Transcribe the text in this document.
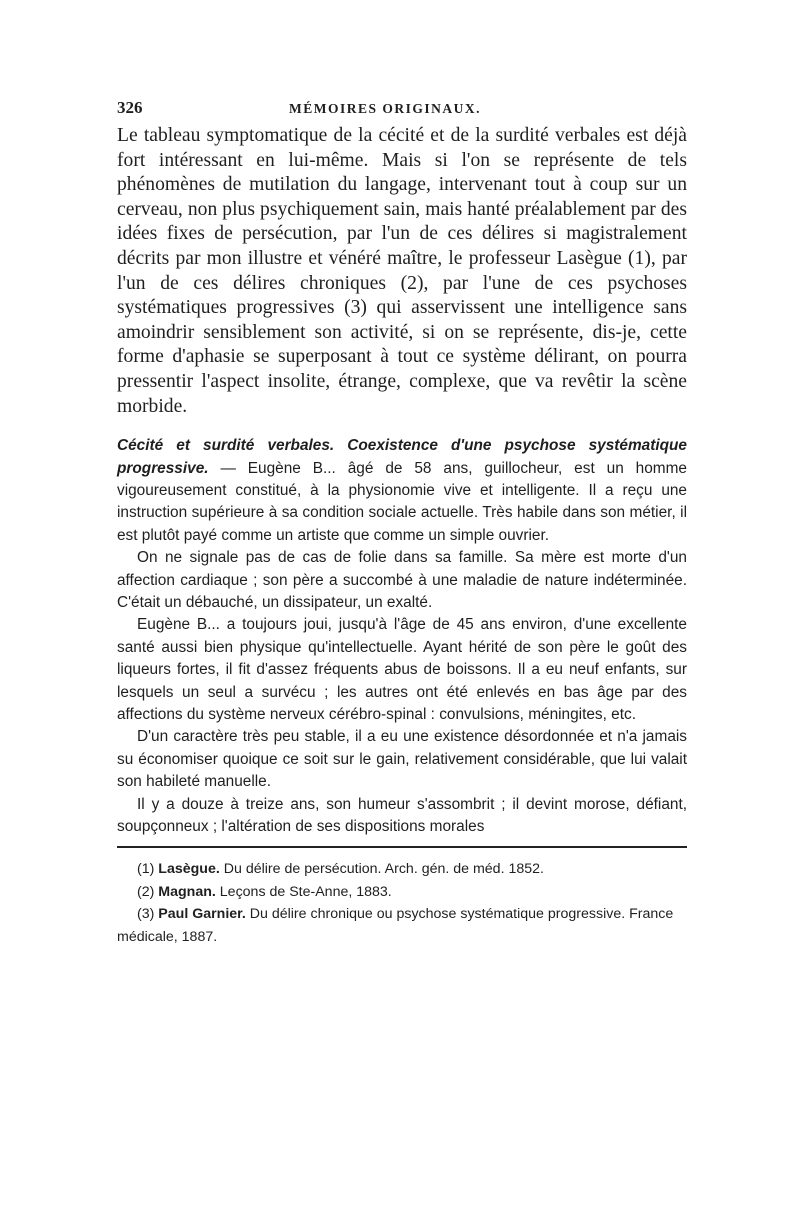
326	MÉMOIRES ORIGINAUX.

Le tableau symptomatique de la cécité et de la surdité verbales est déjà fort intéressant en lui-même. Mais si l'on se représente de tels phénomènes de mutilation du langage, intervenant tout à coup sur un cerveau, non plus psychiquement sain, mais hanté préalablement par des idées fixes de persécution, par l'un de ces délires si magistralement décrits par mon illustre et vénéré maître, le professeur Lasègue (1), par l'un de ces délires chroniques (2), par l'une de ces psychoses systématiques progressives (3) qui asservissent une intelligence sans amoindrir sensiblement son activité, si on se représente, dis-je, cette forme d'aphasie se superposant à tout ce système délirant, on pourra pressentir l'aspect insolite, étrange, complexe, que va revêtir la scène morbide.

Cécité et surdité verbales. Coexistence d'une psychose systématique progressive. — Eugène B... âgé de 58 ans, guillocheur, est un homme vigoureusement constitué, à la physionomie vive et intelligente. Il a reçu une instruction supérieure à sa condition sociale actuelle. Très habile dans son métier, il est plutôt payé comme un artiste que comme un simple ouvrier.

On ne signale pas de cas de folie dans sa famille. Sa mère est morte d'un affection cardiaque ; son père a succombé à une maladie de nature indéterminée. C'était un débauché, un dissipateur, un exalté.

Eugène B... a toujours joui, jusqu'à l'âge de 45 ans environ, d'une excellente santé aussi bien physique qu'intellectuelle. Ayant hérité de son père le goût des liqueurs fortes, il fit d'assez fréquents abus de boissons. Il a eu neuf enfants, sur lesquels un seul a survécu ; les autres ont été enlevés en bas âge par des affections du système nerveux cérébro-spinal : convulsions, méningites, etc.

D'un caractère très peu stable, il a eu une existence désordonnée et n'a jamais su économiser quoique ce soit sur le gain, relativement considérable, que lui valait son habileté manuelle.

Il y a douze à treize ans, son humeur s'assombrit ; il devint morose, défiant, soupçonneux ; l'altération de ses dispositions morales

(1) Lasègue. Du délire de persécution. Arch. gén. de méd. 1852.

(2) Magnan. Leçons de Ste-Anne, 1883.

(3) Paul Garnier. Du délire chronique ou psychose systématique progressive. France médicale, 1887.
